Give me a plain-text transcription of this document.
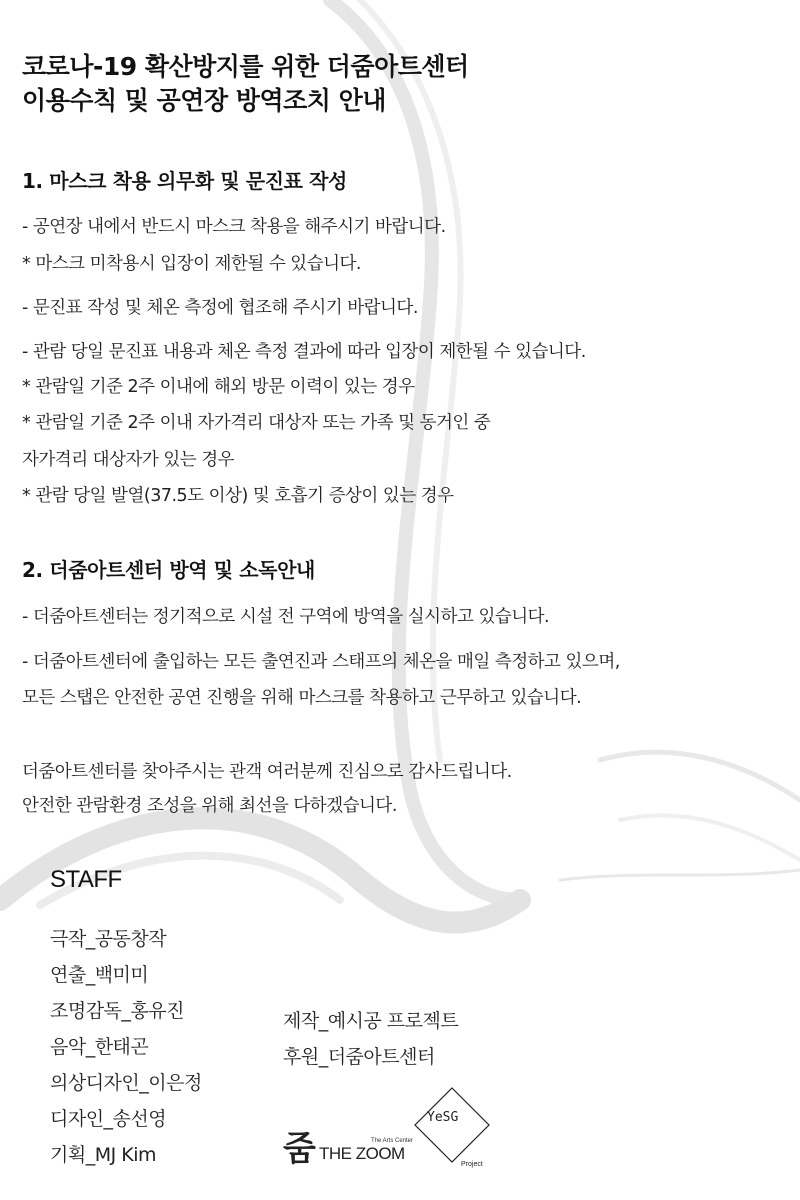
코로나-19 확산방지를 위한 더줌아트센터
이용수칙 및 공연장 방역조치 안내
1. 마스크 착용 의무화 및 문진표 작성
- 공연장 내에서 반드시 마스크 착용을 해주시기 바랍니다.
* 마스크 미착용시 입장이 제한될 수 있습니다.
- 문진표 작성 및 체온 측정에 협조해 주시기 바랍니다.
- 관람 당일 문진표 내용과 체온 측정 결과에 따라 입장이 제한될 수 있습니다.
* 관람일 기준 2주 이내에 해외 방문 이력이 있는 경우
* 관람일 기준 2주 이내 자가격리 대상자 또는 가족 및 동거인 중
자가격리 대상자가 있는 경우
* 관람 당일 발열(37.5도 이상) 및 호흡기 증상이 있는 경우
2. 더줌아트센터 방역 및 소독안내
- 더줌아트센터는 정기적으로 시설 전 구역에 방역을 실시하고 있습니다.
- 더줌아트센터에 출입하는 모든 출연진과 스태프의 체온을 매일 측정하고 있으며,
모든 스탭은 안전한 공연 진행을 위해 마스크를 착용하고 근무하고 있습니다.
더줌아트센터를 찾아주시는 관객 여러분께 진심으로 감사드립니다.
안전한 관람환경 조성을 위해 최선을 다하겠습니다.
STAFF
극작_공동창작
연출_백미미
조명감독_홍유진
음악_한태곤
의상디자인_이은정
디자인_송선영
기획_MJ Kim
제작_예시공 프로젝트
후원_더줌아트센터
줌	The Arts Center
THE ZOOM
YeSG
Project
